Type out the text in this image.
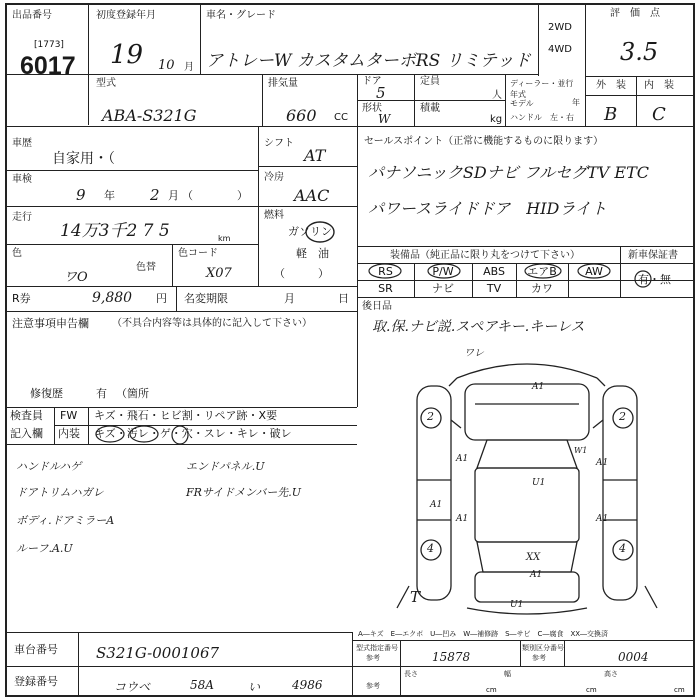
出品番号
[1773]
6017
初度登録年月
19 10 月
車名・グレード
アトレーW カスタムターボRS リミテッド
2WD
4WD
評　価　点
3.5
型式
ABA-S321G
排気量
660 CC
ドア
5
定員
人
形状
W
積載
kg
ディーラー・並行
年式
モデル	年
ハンドル　左・右
外　装 内　装
B C
車歴
自家用・（
車検
9 年 2 月 （　　　　）
走行
14万3千2 7 5	km
色
ワO
色替
色コード
X07
シフト
AT
冷房
AAC
燃料
ガソリン
軽　油
（　　　）
セールスポイント（正常に機能するものに限ります）
パナソニックSDナビ フルセグTV ETC
パワースライドドア　HIDライト
装備品（純正品に限り丸をつけて下さい）	新車保証書
有・無
RS	P/W	ABS	エアB	AW
SR	ナビ	TV	カワ
R券	9,880 円 名変期限	月	日
後日品
取.保.ナビ説.スペアキー.キーレス
注意事項申告欄 （不具合内容等は具体的に記入して下さい）
修復歴	有 （箇所
検査員
記入欄
FW キズ・飛石・ヒビ割・リペア跡・X要
内装 キズ・汚レ・ゲ・穴・スレ・キレ・破レ
ハンドルハゲ
ドアトリムハガレ
ボディ.ドアミラーA
ルーフ.A.U
エンドパネル.U
FRサイドメンバー先.U
ワレ
2	2
4	4
A1
A1	A1
A1
U1
A1
XX
A1
A1
U1
W1
T
A―キズ　E―エクボ　U―凹み　W―補修跡　S―サビ　C―腐食　XX―交換済
車台番号	S321G-0001067
登録番号	コウベ	58A	い	4986
型式指定番号
参考	15878
類別区分番号
参考	0004
参考
長さ
cm
幅
cm
高さ
cm
